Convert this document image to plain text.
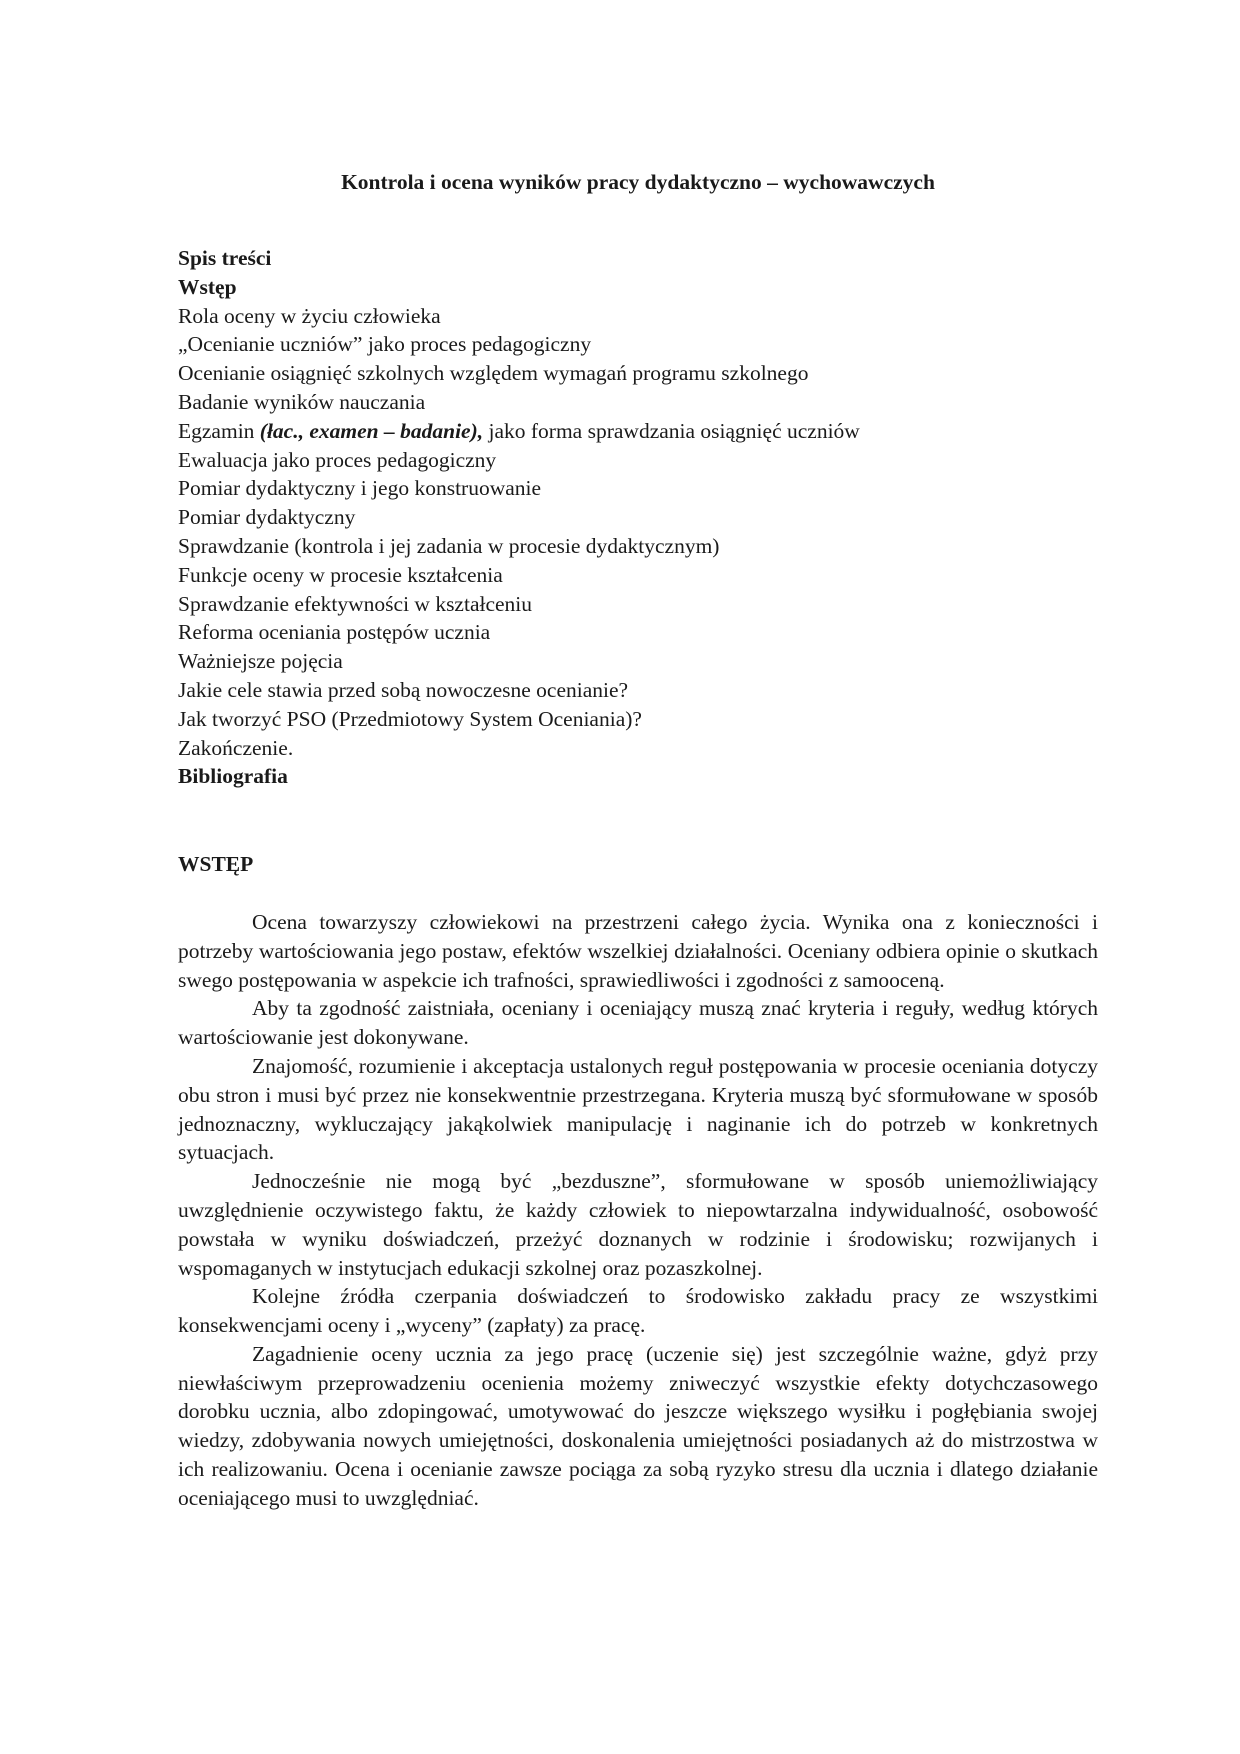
Kontrola i ocena wyników pracy dydaktyczno – wychowawczych
Spis treści
Wstęp
Rola oceny w życiu człowieka
„Ocenianie uczniów” jako proces pedagogiczny
Ocenianie osiągnięć szkolnych względem wymagań programu szkolnego
Badanie wyników nauczania
Egzamin (łac., examen – badanie), jako forma sprawdzania osiągnięć uczniów
Ewaluacja jako proces pedagogiczny
Pomiar dydaktyczny i jego konstruowanie
Pomiar dydaktyczny
Sprawdzanie (kontrola i jej zadania w procesie dydaktycznym)
Funkcje oceny w procesie kształcenia
Sprawdzanie efektywności w kształceniu
Reforma oceniania postępów ucznia
Ważniejsze pojęcia
Jakie cele stawia przed sobą nowoczesne ocenianie?
Jak tworzyć PSO (Przedmiotowy System Oceniania)?
Zakończenie.
Bibliografia
WSTĘP

Ocena towarzyszy człowiekowi na przestrzeni całego życia. Wynika ona z konieczności i potrzeby wartościowania jego postaw, efektów wszelkiej działalności. Oceniany odbiera opinie o skutkach swego postępowania w aspekcie ich trafności, sprawiedliwości i zgodności z samooceną.

Aby ta zgodność zaistniała, oceniany i oceniający muszą znać kryteria i reguły, według których wartościowanie jest dokonywane.

Znajomość, rozumienie i akceptacja ustalonych reguł postępowania w procesie oceniania dotyczy obu stron i musi być przez nie konsekwentnie przestrzegana. Kryteria muszą być sformułowane w sposób jednoznaczny, wykluczający jakąkolwiek manipulację i naginanie ich do potrzeb w konkretnych sytuacjach.

Jednocześnie nie mogą być „bezduszne”, sformułowane w sposób uniemożliwiający uwzględnienie oczywistego faktu, że każdy człowiek to niepowtarzalna indywidualność, osobowość powstała w wyniku doświadczeń, przeżyć doznanych w rodzinie i środowisku; rozwijanych i wspomaganych w instytucjach edukacji szkolnej oraz pozaszkolnej.

Kolejne źródła czerpania doświadczeń to środowisko zakładu pracy ze wszystkimi konsekwencjami oceny i „wyceny” (zapłaty) za pracę.

Zagadnienie oceny ucznia za jego pracę (uczenie się) jest szczególnie ważne, gdyż przy niewłaściwym przeprowadzeniu ocenienia możemy zniweczyć wszystkie efekty dotychczasowego dorobku ucznia, albo zdopingować, umotywować do jeszcze większego wysiłku i pogłębiania swojej wiedzy, zdobywania nowych umiejętności, doskonalenia umiejętności posiadanych aż do mistrzostwa w ich realizowaniu. Ocena i ocenianie zawsze pociąga za sobą ryzyko stresu dla ucznia i dlatego działanie oceniającego musi to uwzględniać.
